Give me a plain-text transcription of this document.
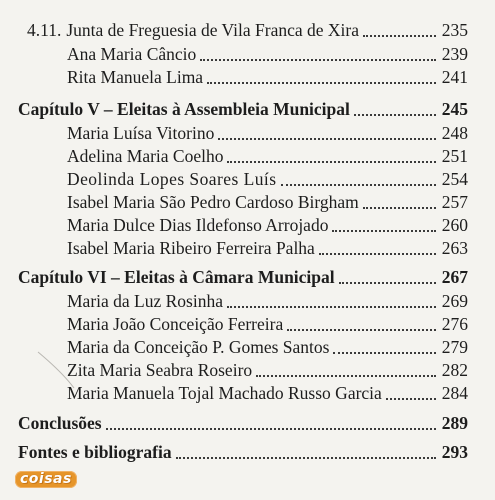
4.11. Junta de Freguesia de Vila Franca de Xira	235
Ana Maria Câncio	239
Rita Manuela Lima	241
Capítulo V – Eleitas à Assembleia Municipal	245
Maria Luísa Vitorino	248
Adelina Maria Coelho	251
Deolinda Lopes Soares Luís	254
Isabel Maria São Pedro Cardoso Birgham	257
Maria Dulce Dias Ildefonso Arrojado	260
Isabel Maria Ribeiro Ferreira Palha	263
Capítulo VI – Eleitas à Câmara Municipal	267
Maria da Luz Rosinha	269
Maria João Conceição Ferreira	276
Maria da Conceição P. Gomes Santos	279
Zita Maria Seabra Roseiro	282
Maria Manuela Tojal Machado Russo Garcia	284
Conclusões	289
Fontes e bibliografia	293
coisas
